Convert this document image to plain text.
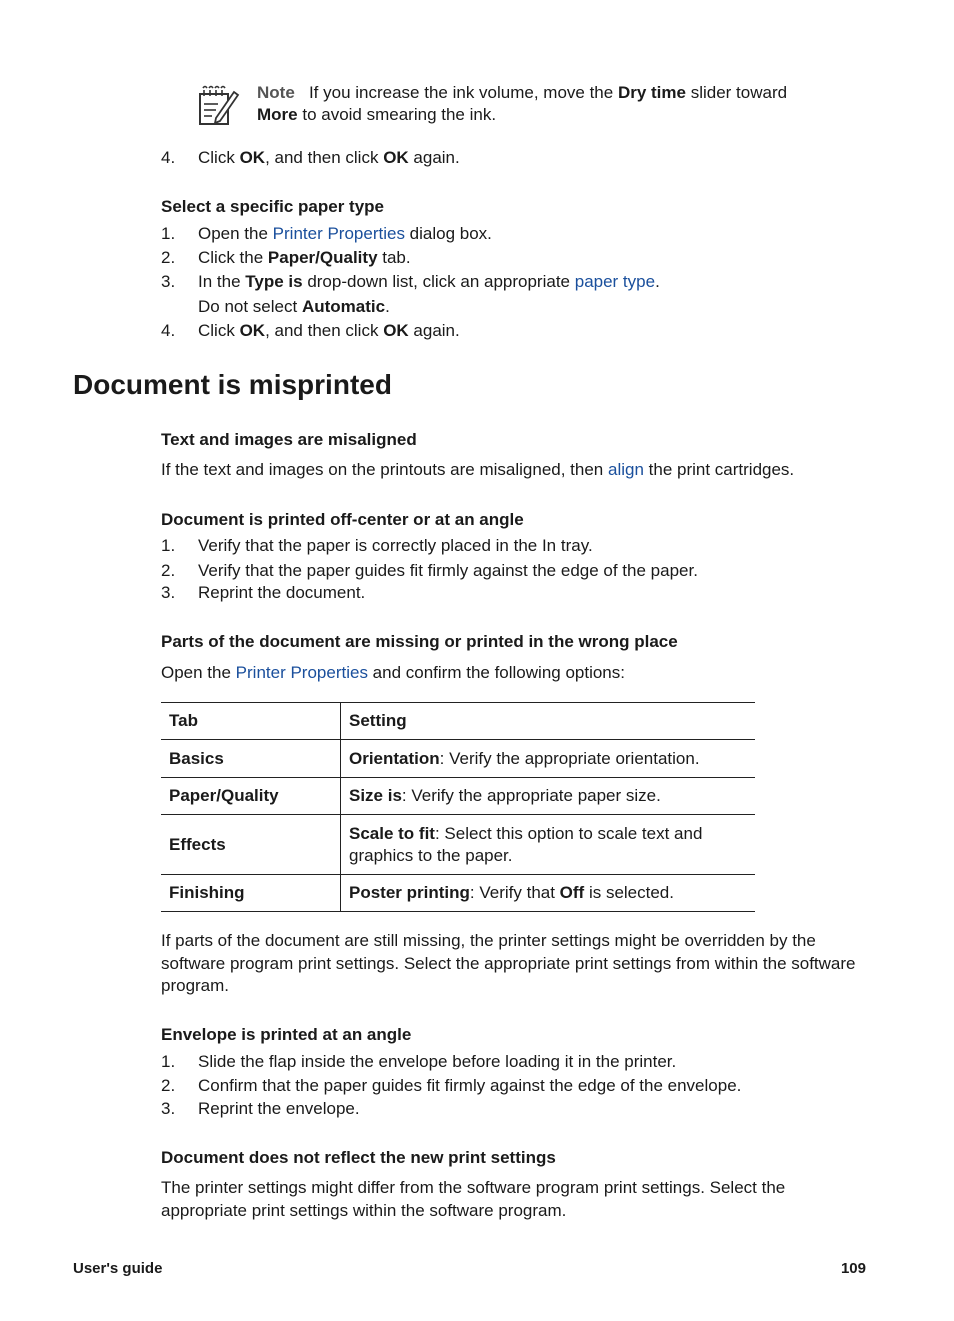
Note If you increase the ink volume, move the Dry time slider toward
More to avoid smearing the ink.
4. Click OK, and then click OK again.
Select a specific paper type
1. Open the Printer Properties dialog box.
2. Click the Paper/Quality tab.
3. In the Type is drop-down list, click an appropriate paper type.
Do not select Automatic.
4. Click OK, and then click OK again.
Document is misprinted
Text and images are misaligned
If the text and images on the printouts are misaligned, then align the print cartridges.
Document is printed off-center or at an angle
1. Verify that the paper is correctly placed in the In tray.
2. Verify that the paper guides fit firmly against the edge of the paper.
3. Reprint the document.
Parts of the document are missing or printed in the wrong place
Open the Printer Properties and confirm the following options:
Tab	Setting
Basics	Orientation: Verify the appropriate orientation.
Paper/Quality	Size is: Verify the appropriate paper size.
Effects	Scale to fit: Select this option to scale text and graphics to the paper.
Finishing	Poster printing: Verify that Off is selected.
If parts of the document are still missing, the printer settings might be overridden by the software program print settings. Select the appropriate print settings from within the software program.
Envelope is printed at an angle
1. Slide the flap inside the envelope before loading it in the printer.
2. Confirm that the paper guides fit firmly against the edge of the envelope.
3. Reprint the envelope.
Document does not reflect the new print settings
The printer settings might differ from the software program print settings. Select the appropriate print settings within the software program.
User's guide	109
